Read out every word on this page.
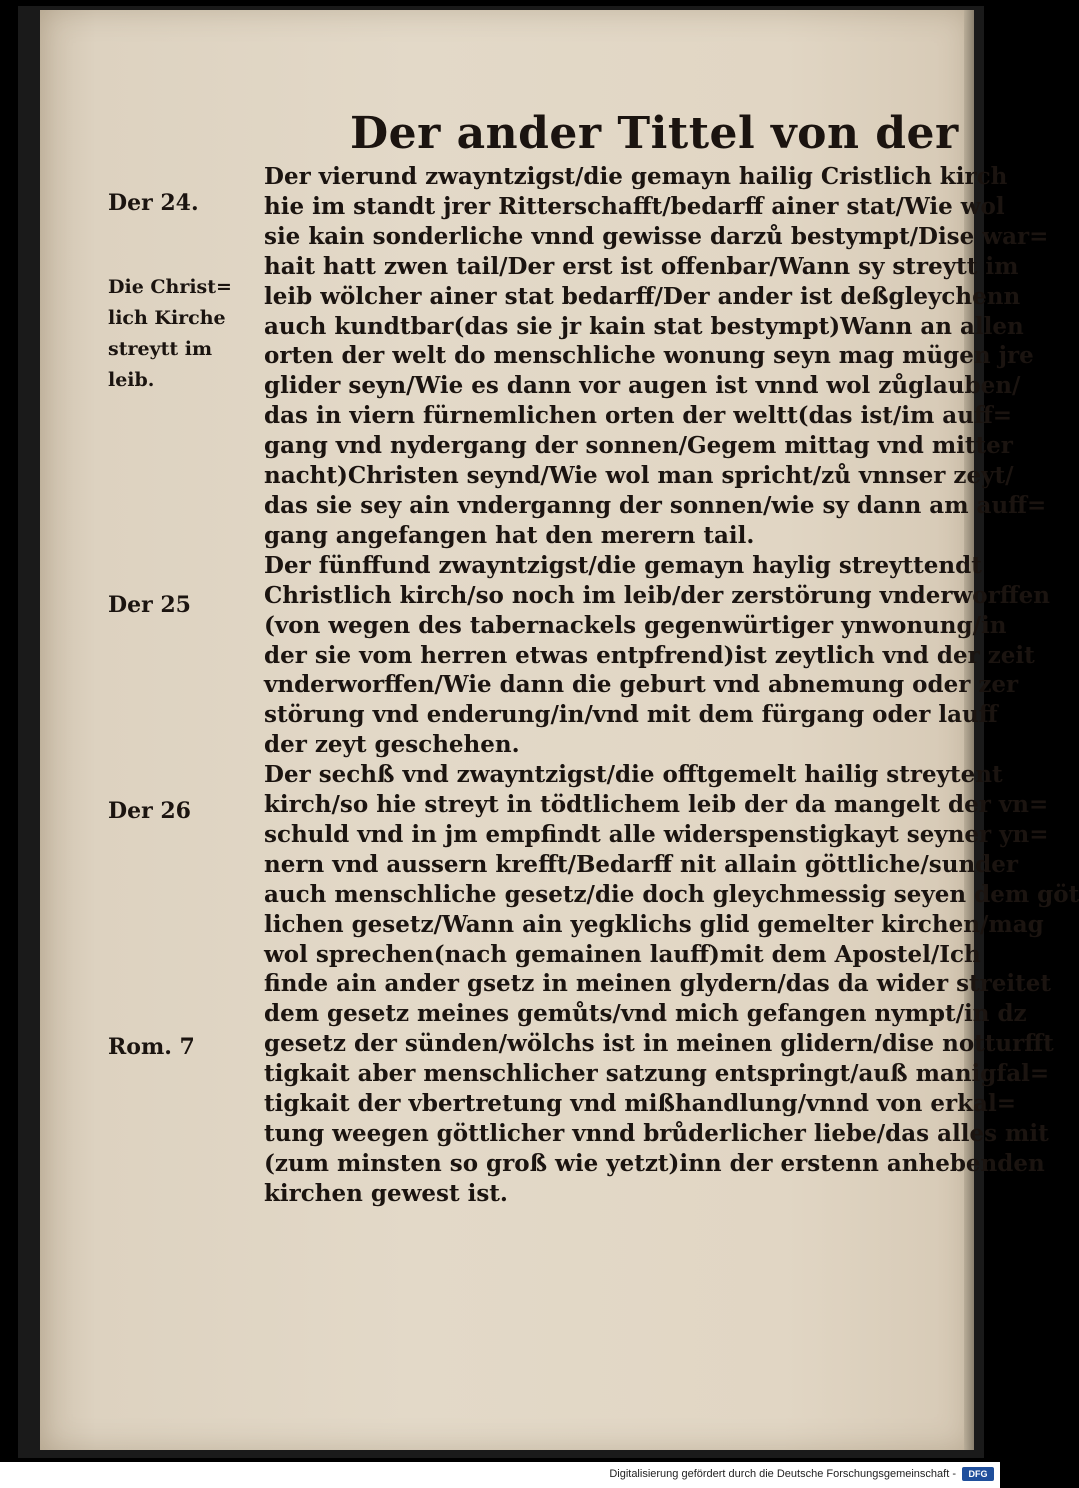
Der ander Tittel von der
Der 24.
Die Christ=
lich Kirche
streytt im
leib.
Der 25
Der 26
Rom. 7

Der vierund zwayntzigst/die gemayn hailig Cristlich kirch
hie im standt jrer Ritterschafft/bedarff ainer stat/Wie wol
sie kain sonderliche vnnd gewisse darzů bestympt/Dise war=
hait hatt zwen tail/Der erst ist offenbar/Wann sy streytt im
leib wölcher ainer stat bedarff/Der ander ist deßgleychenn
auch kundtbar(das sie jr kain stat bestympt)Wann an allen
orten der welt do menschliche wonung seyn mag mügen jre
glider seyn/Wie es dann vor augen ist vnnd wol zůglauben/
das in viern fürnemlichen orten der weltt(das ist/im auff=
gang vnd nydergang der sonnen/Gegem mittag vnd mitter
nacht)Christen seynd/Wie wol man spricht/zů vnnser zeyt/
das sie sey ain vnderganng der sonnen/wie sy dann am auff=
gang angefangen hat den merern tail.

Der fünffund zwayntzigst/die gemayn haylig streyttendt
Christlich kirch/so noch im leib/der zerstörung vnderworffen
(von wegen des tabernackels gegenwürtiger ynwonung/in
der sie vom herren etwas entpfrend)ist zeytlich vnd der zeit
vnderworffen/Wie dann die geburt vnd abnemung oder zer
störung vnd enderung/in/vnd mit dem fürgang oder lauff
der zeyt geschehen.

Der sechß vnd zwayntzigst/die offtgemelt hailig streytent
kirch/so hie streyt in tödtlichem leib der da mangelt der vn=
schuld vnd in jm empfindt alle widerspenstigkayt seyner yn=
nern vnd aussern krefft/Bedarff nit allain göttliche/sunder
auch menschliche gesetz/die doch gleychmessig seyen dem göt
lichen gesetz/Wann ain yegklichs glid gemelter kirchen/mag
wol sprechen(nach gemainen lauff)mit dem Apostel/Ich
finde ain ander gsetz in meinen glydern/das da wider streitet
dem gesetz meines gemůts/vnd mich gefangen nympt/in dz
gesetz der sünden/wölchs ist in meinen glidern/dise notturfft
tigkait aber menschlicher satzung entspringt/auß manigfal=
tigkait der vbertretung vnd mißhandlung/vnnd von erkal=
tung weegen göttlicher vnnd brůderlicher liebe/das alles mit
(zum minsten so groß wie yetzt)inn der erstenn anhebenden
kirchen gewest ist.

Digitalisierung gefördert durch die Deutsche Forschungsgemeinschaft -	DFG
